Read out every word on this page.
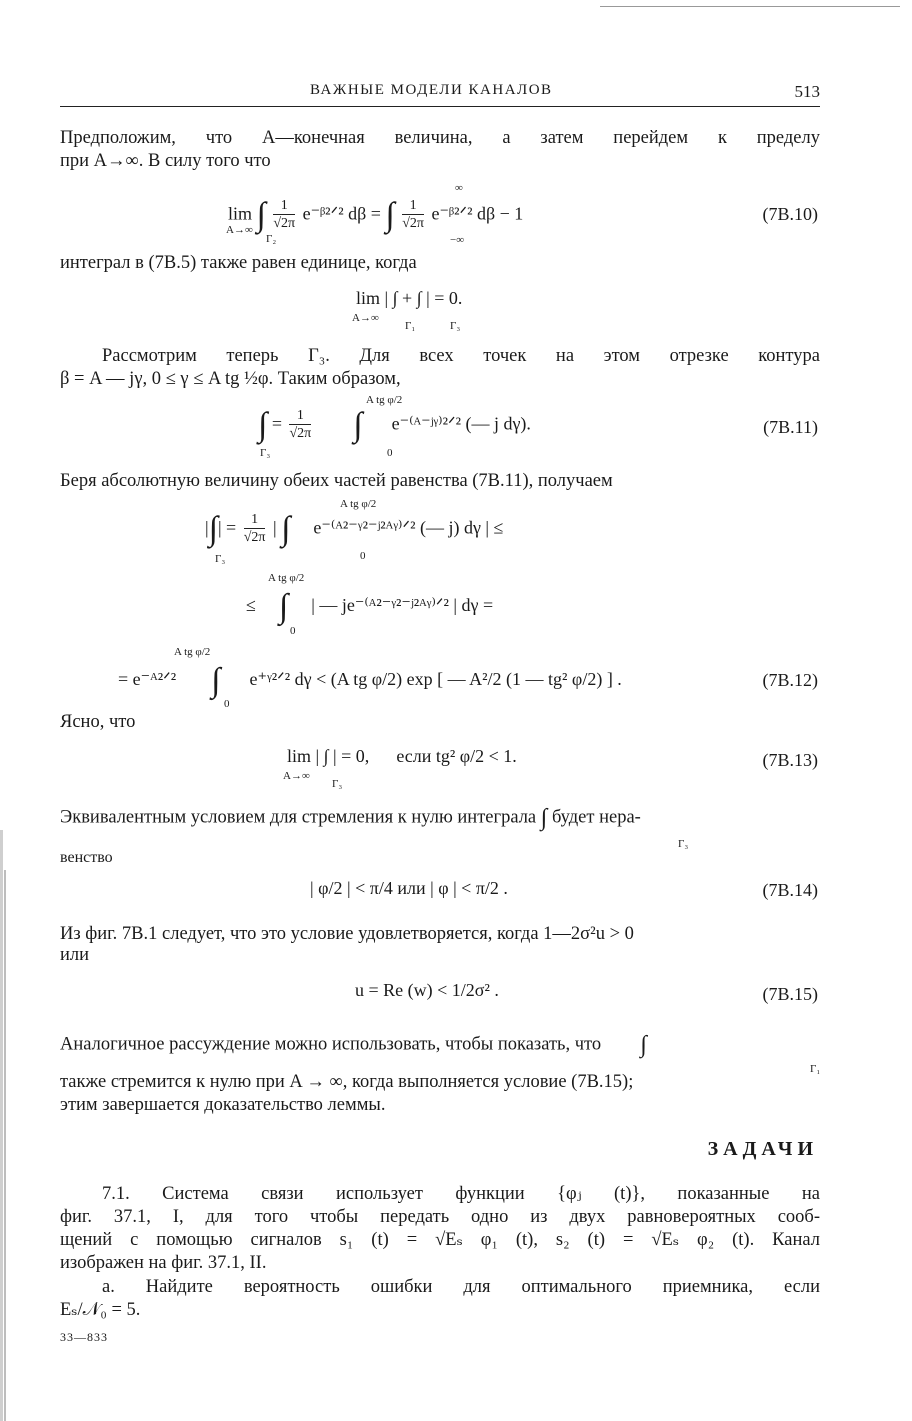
ВАЖНЫЕ МОДЕЛИ КАНАЛОВ	513
Предположим, что A—конечная величина, а затем перейдем к пределу
при A→∞. В силу того что
lim ∫ $\frac{1}{√2\pi}$ e⁻ᵝ²ᐟ² dβ = ∫ $\frac{1}{√2\pi}$ e⁻ᵝ²ᐟ² dβ − 1
A→∞
Γ₂
∞
−∞
(7B.10)
интеграл в (7В.5) также равен единице, когда
lim | ∫ + ∫ | = 0.
A→∞
Γ₁	Γ₃
Рассмотрим теперь Γ₃. Для всех точек на этом отрезке контура
β = A — jγ, 0 ≤ γ ≤ A tg ½φ. Таким образом,
A tg φ/2
∫ = $\frac{1}{√2\pi}$ ∫ e⁻⁽ᴬ⁻ʲᵞ⁾²ᐟ² (— j dγ).
Γ₃	0
(7B.11)
Беря абсолютную величину обеих частей равенства (7В.11), получаем
A tg φ/2
|∫| = $\frac{1}{√2\pi}$ | ∫ e⁻⁽ᴬ²⁻ᵞ²⁻ʲ²ᴬᵞ⁾ᐟ² (— j) dγ | ≤
Γ₃	0
A tg φ/2
≤ ∫ | — je⁻⁽ᴬ²⁻ᵞ²⁻ʲ²ᴬᵞ⁾ᐟ² | dγ =
0
A tg φ/2
= e⁻ᴬ²ᐟ² ∫ e⁺ᵞ²ᐟ² dγ < (A tg φ/2) exp [ — A²/2 (1 — tg² φ/2) ] .
0
(7B.12)
Ясно, что
lim | ∫ | = 0, если tg² φ/2 < 1.
A→∞
Γ₃
(7B.13)
Эквивалентным условием для стремления к нулю интеграла ∫ будет нера-
Γ₃
венство
| φ/2 | < π/4 или | φ | < π/2 .	(7B.14)
Из фиг. 7В.1 следует, что это условие удовлетворяется, когда 1—2σ²u > 0
или
u = Re (w) < 1/2σ² .	(7B.15)
Аналогичное рассуждение можно использовать, чтобы показать, что ∫
Γ₁
также стремится к нулю при A → ∞, когда выполняется условие (7В.15);
этим завершается доказательство леммы.
ЗАДАЧИ
7.1. Система связи использует функции {φⱼ (t)}, показанные на
фиг. 37.1, I, для того чтобы передать одно из двух равновероятных сооб-
щений с помощью сигналов s₁ (t) = √Eₛ φ₁ (t), s₂ (t) = √Eₛ φ₂ (t). Канал
изображен на фиг. 37.1, II.
а. Найдите вероятность ошибки для оптимального приемника, если
Eₛ/𝒩₀ = 5.
33—833
